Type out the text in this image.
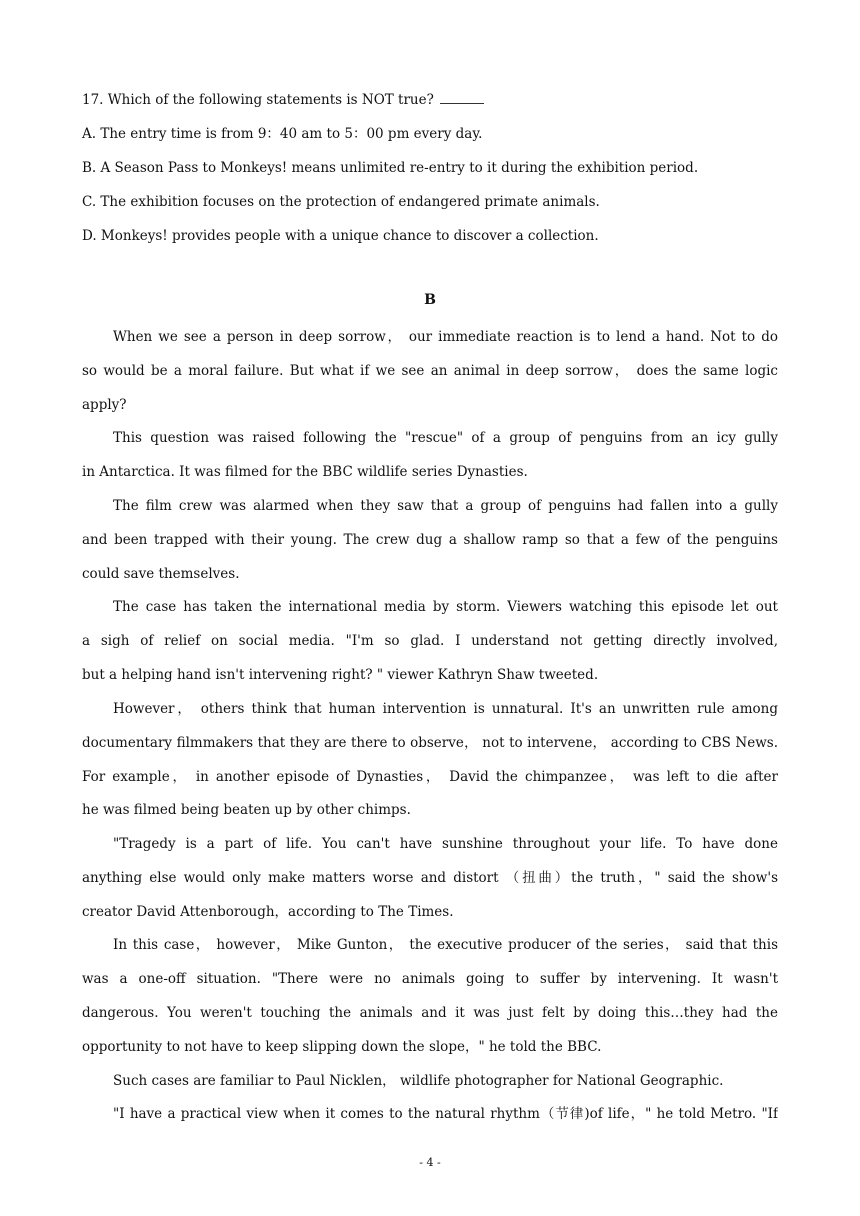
17. Which of the following statements is NOT true?
A. The entry time is from 9：40 am to 5：00 pm every day.
B. A Season Pass to Monkeys! means unlimited re-entry to it during the exhibition period.
C. The exhibition focuses on the protection of endangered primate animals.
D. Monkeys! provides people with a unique chance to discover a collection.
B
When we see a person in deep sorrow， our immediate reaction is to lend a hand. Not to do
so would be a moral failure. But what if we see an animal in deep sorrow， does the same logic
apply?
This question was raised following the "rescue" of a group of penguins from an icy gully
in Antarctica. It was filmed for the BBC wildlife series Dynasties.
The film crew was alarmed when they saw that a group of penguins had fallen into a gully
and been trapped with their young. The crew dug a shallow ramp so that a few of the penguins
could save themselves.
The case has taken the international media by storm. Viewers watching this episode let out
a sigh of relief on social media. "I'm so glad. I understand not getting directly involved,
but a helping hand isn't intervening right? " viewer Kathryn Shaw tweeted.
However， others think that human intervention is unnatural. It's an unwritten rule among
documentary filmmakers that they are there to observe， not to intervene， according to CBS News.
For example， in another episode of Dynasties， David the chimpanzee， was left to die after
he was filmed being beaten up by other chimps.
"Tragedy is a part of life. You can't have sunshine throughout your life. To have done
anything else would only make matters worse and distort （扭曲）the truth，" said the show's
creator David Attenborough，according to The Times.
In this case， however， Mike Gunton， the executive producer of the series， said that this
was a one-off situation. "There were no animals going to suffer by intervening. It wasn't
dangerous. You weren't touching the animals and it was just felt by doing this…they had the
opportunity to not have to keep slipping down the slope，" he told the BBC.
Such cases are familiar to Paul Nicklen， wildlife photographer for National Geographic.
"I have a practical view when it comes to the natural rhythm（节律)of life，" he told Metro. "If
- 4 -
